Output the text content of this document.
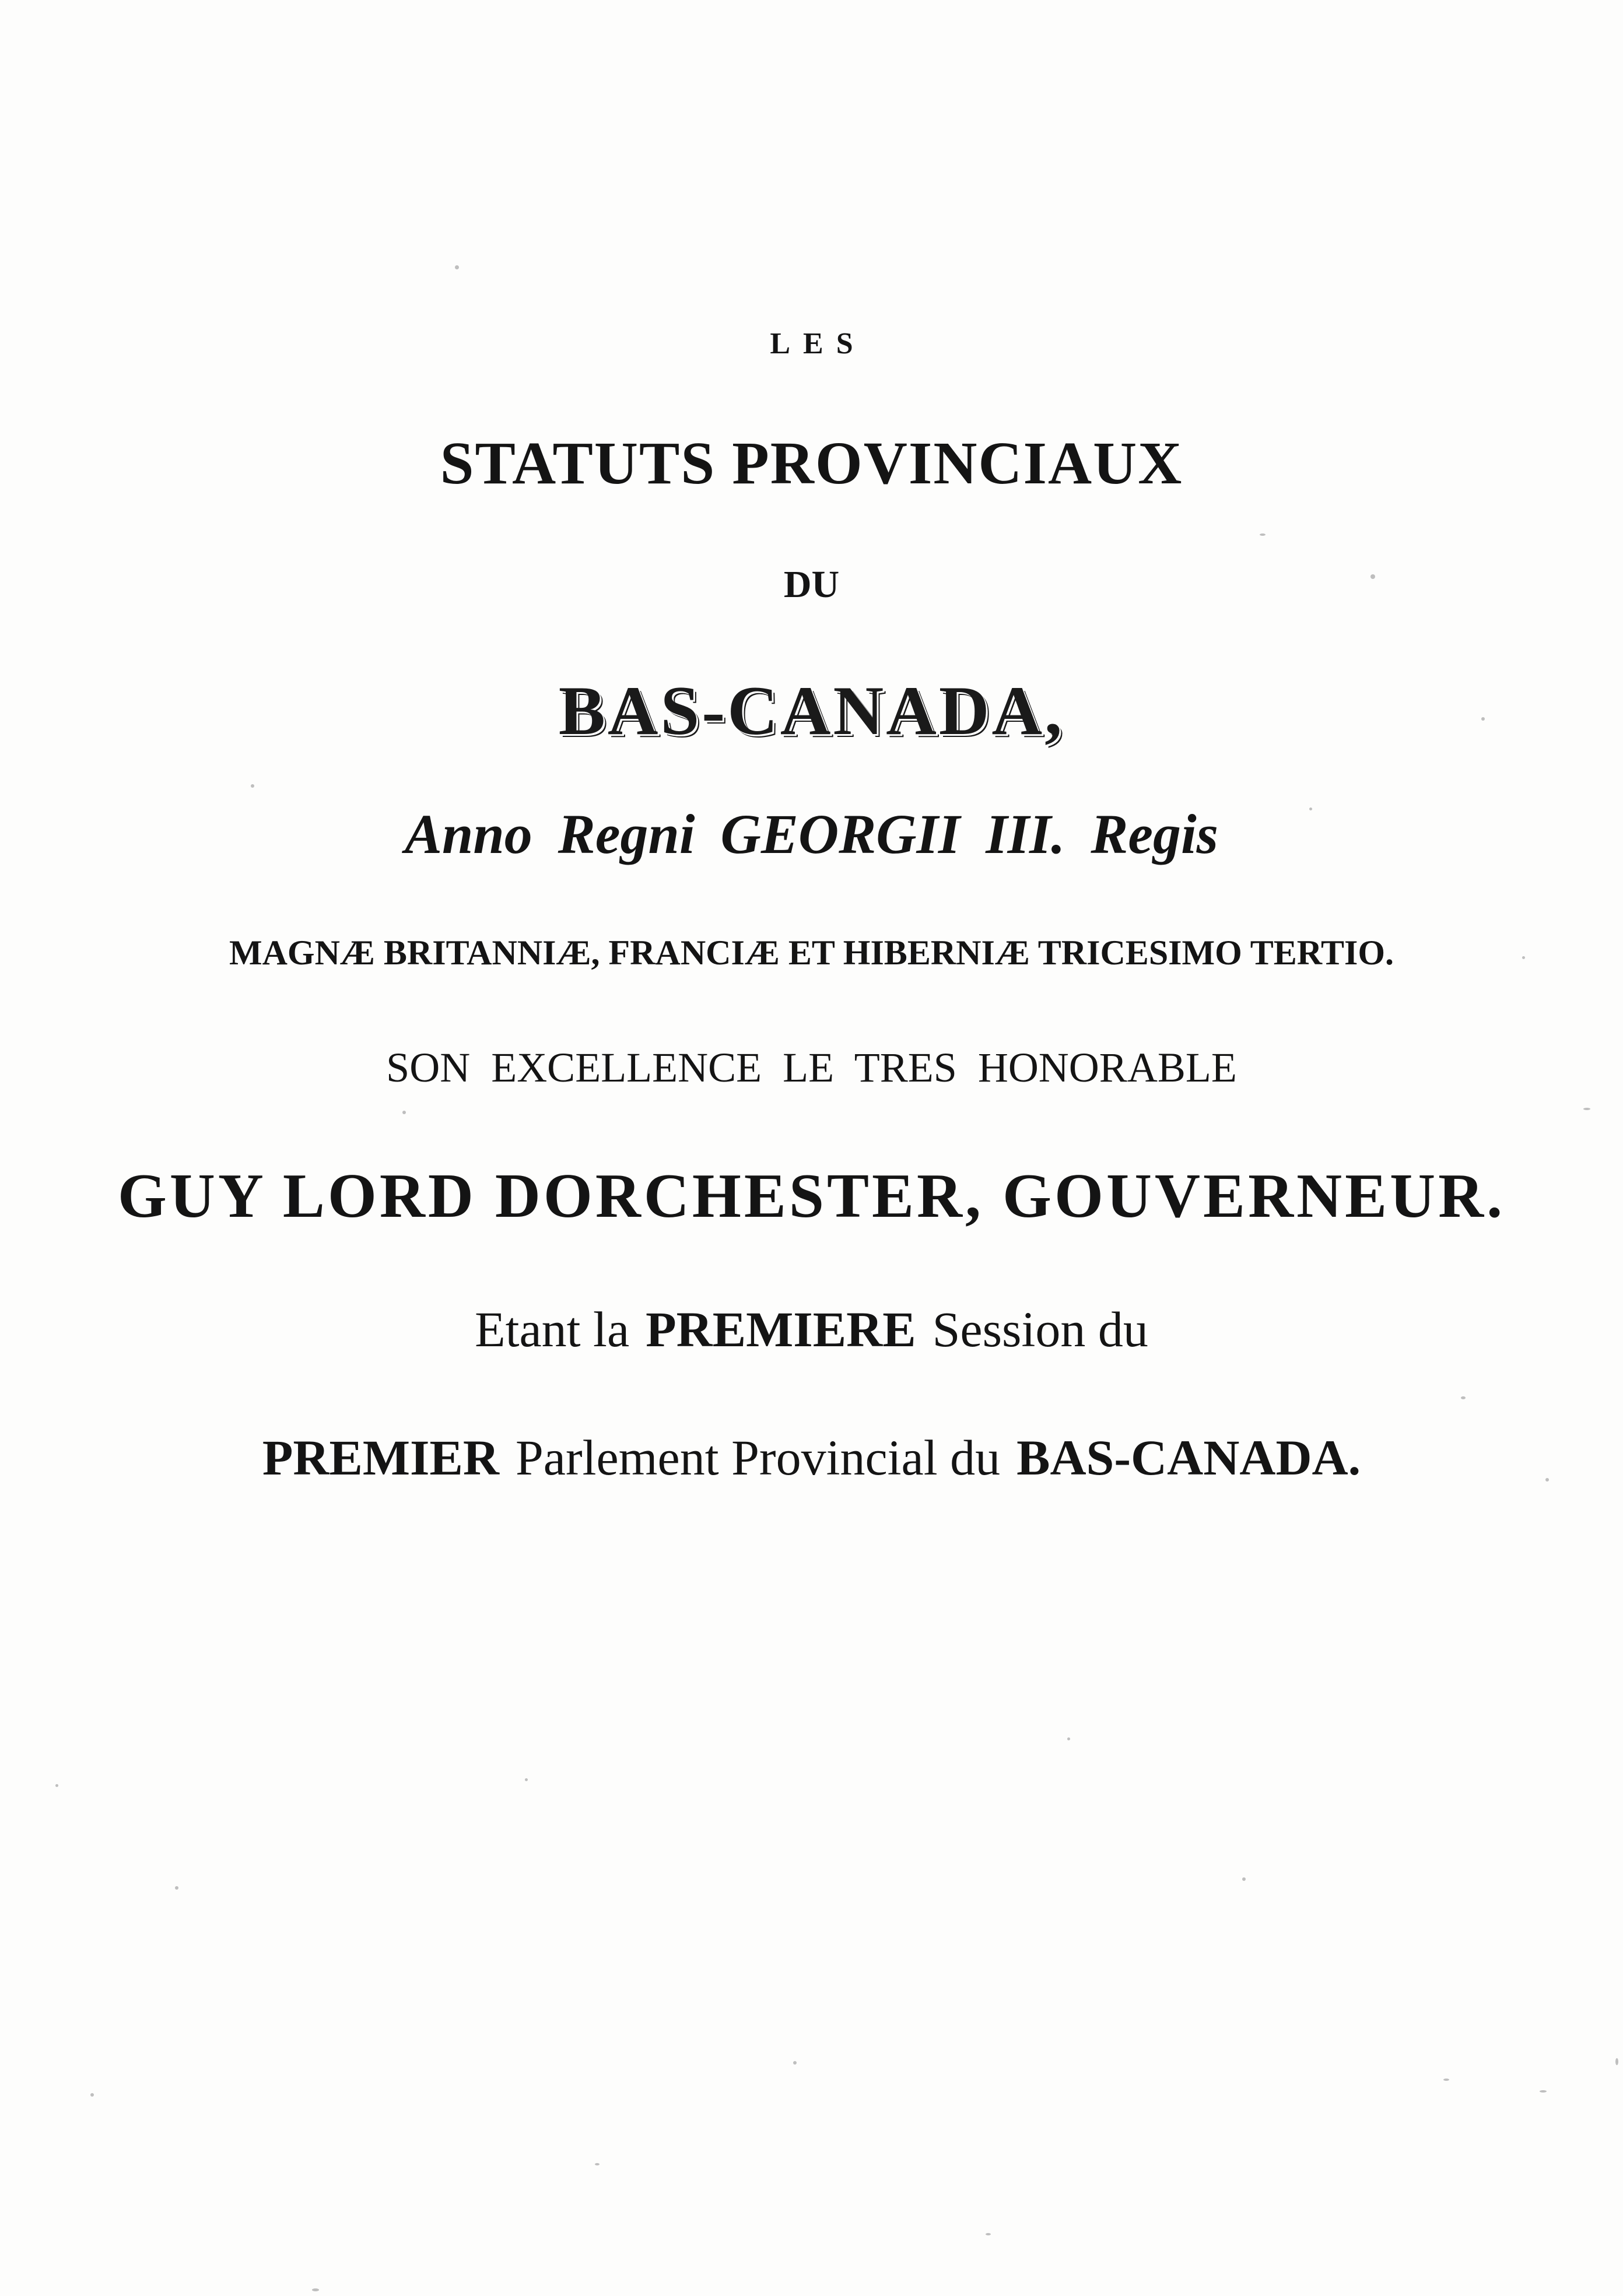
LES
STATUTS PROVINCIAUX
DU
BAS-CANADA,
Anno Regni GEORGII III. Regis
MAGNÆ BRITANNIÆ, FRANCIÆ ET HIBERNIÆ TRICESIMO TERTIO.
SON EXCELLENCE LE TRES HONORABLE
GUY LORD DORCHESTER, GOUVERNEUR.
Etant la PREMIERE Session du
PREMIER Parlement Provincial du BAS-CANADA.
